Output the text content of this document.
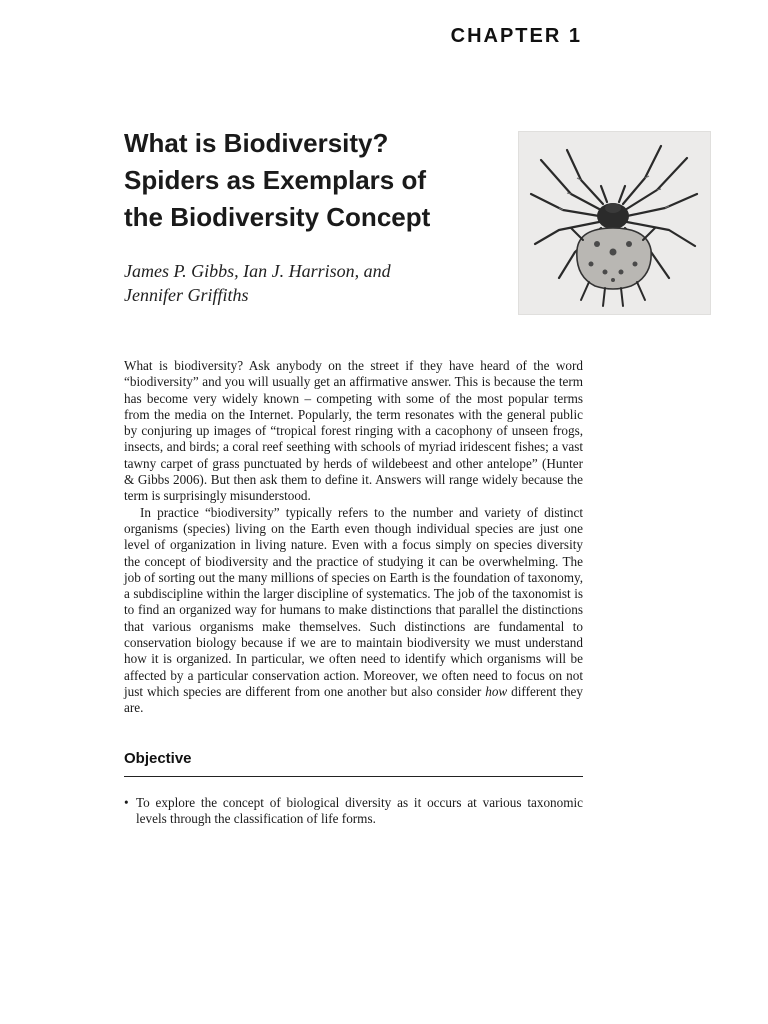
CHAPTER 1
What is Biodiversity?
Spiders as Exemplars of
the Biodiversity Concept
James P. Gibbs, Ian J. Harrison, and
Jennifer Griffiths

What is biodiversity? Ask anybody on the street if they have heard of the word “biodiversity” and you will usually get an affirmative answer. This is because the term has become very widely known – competing with some of the most popular terms from the media on the Internet. Popularly, the term resonates with the general public by conjuring up images of “tropical forest ringing with a cacophony of unseen frogs, insects, and birds; a coral reef seething with schools of myriad iridescent fishes; a vast tawny carpet of grass punctuated by herds of wildebeest and other antelope” (Hunter & Gibbs 2006). But then ask them to define it. Answers will range widely because the term is surprisingly misunderstood.

In practice “biodiversity” typically refers to the number and variety of distinct organisms (species) living on the Earth even though individual species are just one level of organization in living nature. Even with a focus simply on species diversity the concept of biodiversity and the practice of studying it can be overwhelming. The job of sorting out the many millions of species on Earth is the foundation of taxonomy, a subdiscipline within the larger discipline of systematics. The job of the taxonomist is to find an organized way for humans to make distinctions that parallel the distinctions that various organisms make themselves. Such distinctions are fundamental to conservation biology because if we are to maintain biodiversity we must understand how it is organized. In particular, we often need to identify which organisms will be affected by a particular conservation action. Moreover, we often need to focus on not just which species are different from one another but also consider how different they are.

Objective
• To explore the concept of biological diversity as it occurs at various taxonomic levels through the classification of life forms.
